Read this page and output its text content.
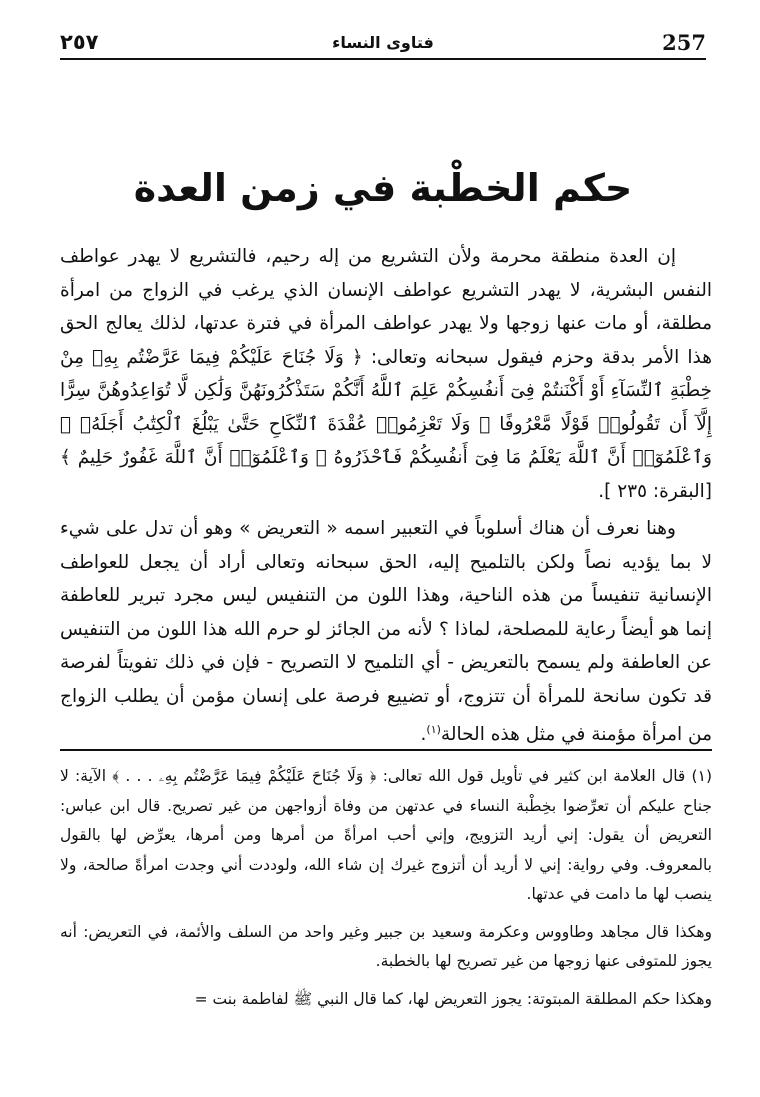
٢٥٧	فتاوى النساء	257
حكم الخطْبة في زمن العدة

إن العدة منطقة محرمة ولأن التشريع من إله رحيم، فالتشريع لا يهدر عواطف النفس البشرية، لا يهدر التشريع عواطف الإنسان الذي يرغب في الزواج من امرأة مطلقة، أو مات عنها زوجها ولا يهدر عواطف المرأة في فترة عدتها، لذلك يعالج الحق هذا الأمر بدقة وحزم فيقول سبحانه وتعالى: ﴿ وَلَا جُنَاحَ عَلَيْكُمْ فِيمَا عَرَّضْتُم بِهِۦ مِنْ خِطْبَةِ ٱلنِّسَآءِ أَوْ أَكْنَنتُمْ فِىٓ أَنفُسِكُمْ عَلِمَ ٱللَّهُ أَنَّكُمْ سَتَذْكُرُونَهُنَّ وَلَٰكِن لَّا تُوَاعِدُوهُنَّ سِرًّا إِلَّآ أَن تَقُولُوا۟ قَوْلًا مَّعْرُوفًا ۚ وَلَا تَعْزِمُوا۟ عُقْدَةَ ٱلنِّكَاحِ حَتَّىٰ يَبْلُغَ ٱلْكِتَٰبُ أَجَلَهُۥ ۚ وَٱعْلَمُوٓا۟ أَنَّ ٱللَّهَ يَعْلَمُ مَا فِىٓ أَنفُسِكُمْ فَٱحْذَرُوهُ ۚ وَٱعْلَمُوٓا۟ أَنَّ ٱللَّهَ غَفُورٌ حَلِيمٌ ﴾ [البقرة: ٢٣٥ ].

وهنا نعرف أن هناك أسلوباً في التعبير اسمه « التعريض » وهو أن تدل على شيء لا بما يؤديه نصاً ولكن بالتلميح إليه، الحق سبحانه وتعالى أراد أن يجعل للعواطف الإنسانية تنفيساً من هذه الناحية، وهذا اللون من التنفيس ليس مجرد تبرير للعاطفة إنما هو أيضاً رعاية للمصلحة، لماذا ؟ لأنه من الجائز لو حرم الله هذا اللون من التنفيس عن العاطفة ولم يسمح بالتعريض - أي التلميح لا التصريح - فإن في ذلك تفويتاً لفرصة قد تكون سانحة للمرأة أن تتزوج، أو تضييع فرصة على إنسان مؤمن أن يطلب الزواج من امرأة مؤمنة في مثل هذه الحالة$^{(١)}$.

(١) قال العلامة ابن كثير في تأويل قول الله تعالى: ﴿ وَلَا جُنَاحَ عَلَيْكُمْ فِيمَا عَرَّضْتُم بِهِۦ . . . ﴾ الآية: لا جناح عليكم أن تعرِّضوا بخِطْبة النساء في عدتهن من وفاة أزواجهن من غير تصريح. قال ابن عباس: التعريض أن يقول: إني أريد التزويج، وإني أحب امرأةً من أمرها ومن أمرها، يعرِّض لها بالقول بالمعروف. وفي رواية: إني لا أريد أن أتزوج غيرك إن شاء الله، ولوددت أني وجدت امرأةً صالحة، ولا ينصب لها ما دامت في عدتها.

وهكذا قال مجاهد وطاووس وعكرمة وسعيد بن جبير وغير واحد من السلف والأئمة، في التعريض: أنه يجوز للمتوفى عنها زوجها من غير تصريح لها بالخطبة.

وهكذا حكم المطلقة المبتوتة: يجوز التعريض لها، كما قال النبي ﷺ لفاطمة بنت =
